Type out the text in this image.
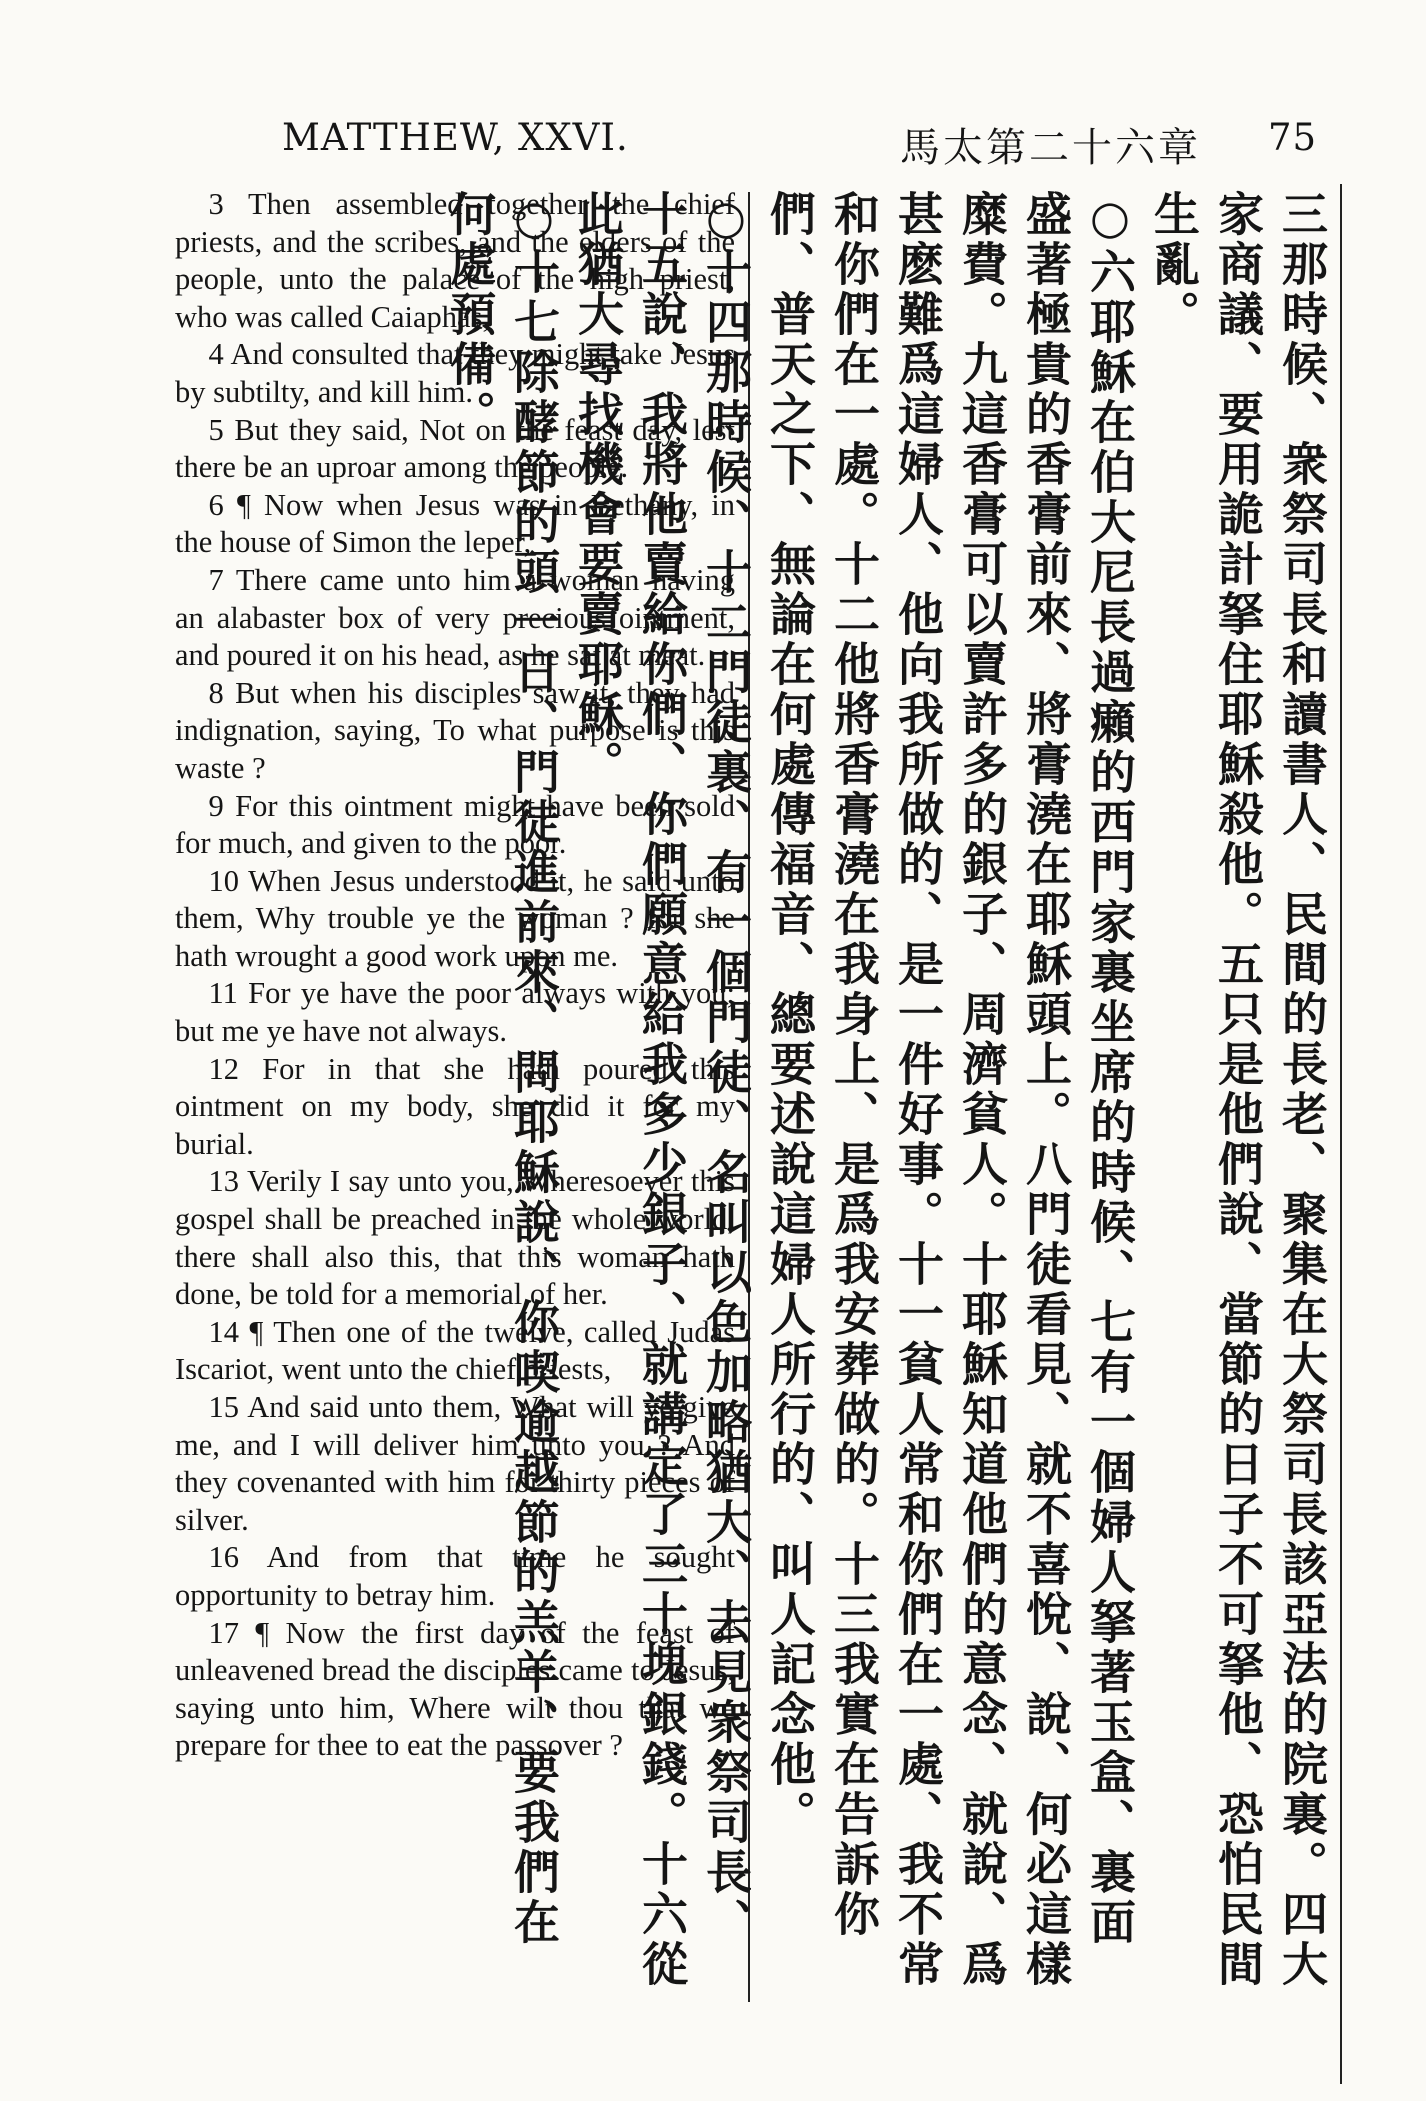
MATTHEW, XXVI.	馬太第二十六章 75

3 Then assembled together the chief priests, and the scribes, and the elders of the people, unto the palace of the high priest, who was called Caiaphas,

4 And consulted that they might take Jesus by subtilty, and kill him.

5 But they said, Not on the feast day, lest there be an uproar among the people.

6 ¶ Now when Jesus was in Bethany, in the house of Simon the leper,

7 There came unto him a woman having an alabaster box of very precious ointment, and poured it on his head, as he sat at meat.

8 But when his disciples saw it, they had indignation, saying, To what purpose is this waste ?

9 For this ointment might have been sold for much, and given to the poor.

10 When Jesus understood it, he said unto them, Why trouble ye the woman ? for she hath wrought a good work upon me.

11 For ye have the poor always with you; but me ye have not always.

12 For in that she hath poured this ointment on my body, she did it for my burial.

13 Verily I say unto you, Wheresoever this gospel shall be preached in the whole world, there shall also this, that this woman hath done, be told for a memorial of her.

14 ¶ Then one of the twelve, called Judas Iscariot, went unto the chief priests,

15 And said unto them, What will ye give me, and I will deliver him unto you ? And they covenanted with him for thirty pieces of silver.

16 And from that time he sought opportunity to betray him.

17 ¶ Now the first day of the feast of unleavened bread the disciples came to Jesus, saying unto him, Where wilt thou that we prepare for thee to eat the passover ?	三那時候、衆祭司長和讀書人、民間的長老、聚集在大祭司長該亞法的院裏。四大家商議、要用詭計拏住耶穌殺他。五只是他們說、當節的日子不可拏他、恐怕民間生亂。

○六耶穌在伯大尼長過癩的西門家裏坐席的時候、七有一個婦人拏著玉盒、裏面盛著極貴的香膏前來、將膏澆在耶穌頭上。八門徒看見、就不喜悅、說、何必這樣糜費。九這香膏可以賣許多的銀子、周濟貧人。十耶穌知道他們的意念、就說、爲甚麽難爲這婦人、他向我所做的、是一件好事。十一貧人常和你們在一處、我不常和你們在一處。十二他將香膏澆在我身上、是爲我安葬做的。十三我實在告訴你們、普天之下、無論在何處傳福音、總要述說這婦人所行的、叫人記念他。

○十四那時候、十二門徒裏、有一個門徒、名叫以色加略猶大、去見衆祭司長、十五說、我將他賣給你們、你們願意給我多少銀子、就講定了三十塊銀錢。十六從此猶大尋找機會要賣耶穌。

○十七除酵節的頭一日、門徒進前來、問耶穌說、你喫逾越節的羔羊、要我們在何處預備。
